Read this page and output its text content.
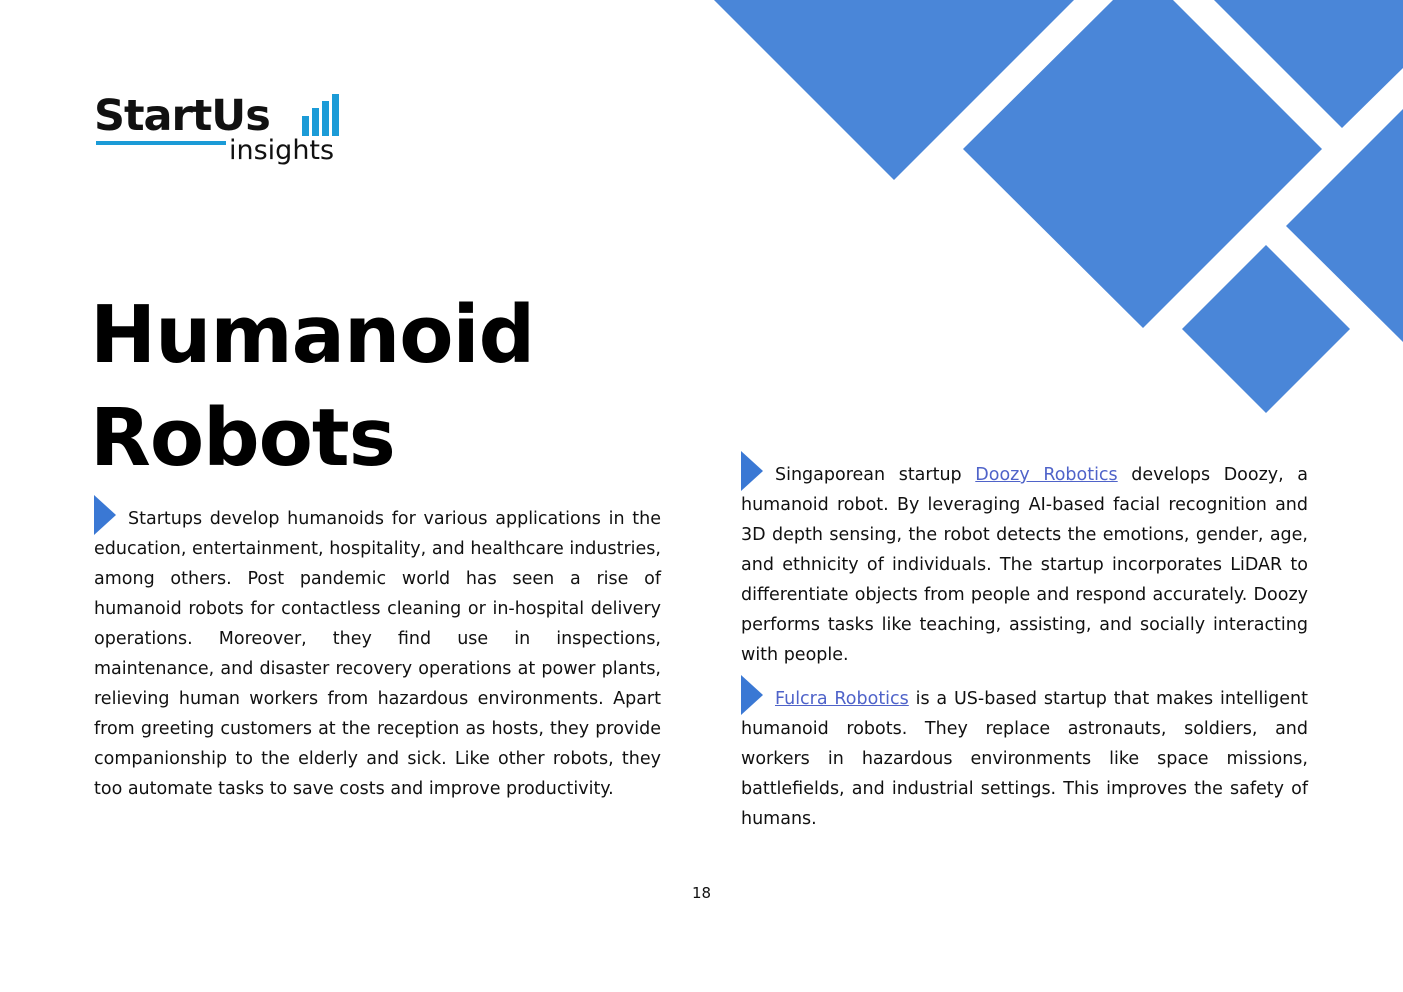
StartUs
insights
Humanoid
Robots

Startups develop humanoids for various applications in the education, entertainment, hospitality, and healthcare industries, among others. Post pandemic world has seen a rise of humanoid robots for contactless cleaning or in-hospital delivery operations. Moreover, they find use in inspections, maintenance, and disaster recovery operations at power plants, relieving human workers from hazardous environments. Apart from greeting customers at the reception as hosts, they provide companionship to the elderly and sick. Like other robots, they too automate tasks to save costs and improve productivity.

Singaporean startup Doozy Robotics develops Doozy, a humanoid robot. By leveraging AI-based facial recognition and 3D depth sensing, the robot detects the emotions, gender, age, and ethnicity of individuals. The startup incorporates LiDAR to differentiate objects from people and respond accurately. Doozy performs tasks like teaching, assisting, and socially interacting with people.

Fulcra Robotics is a US-based startup that makes intelligent humanoid robots. They replace astronauts, soldiers, and workers in hazardous environments like space missions, battlefields, and industrial settings. This improves the safety of humans.

18
